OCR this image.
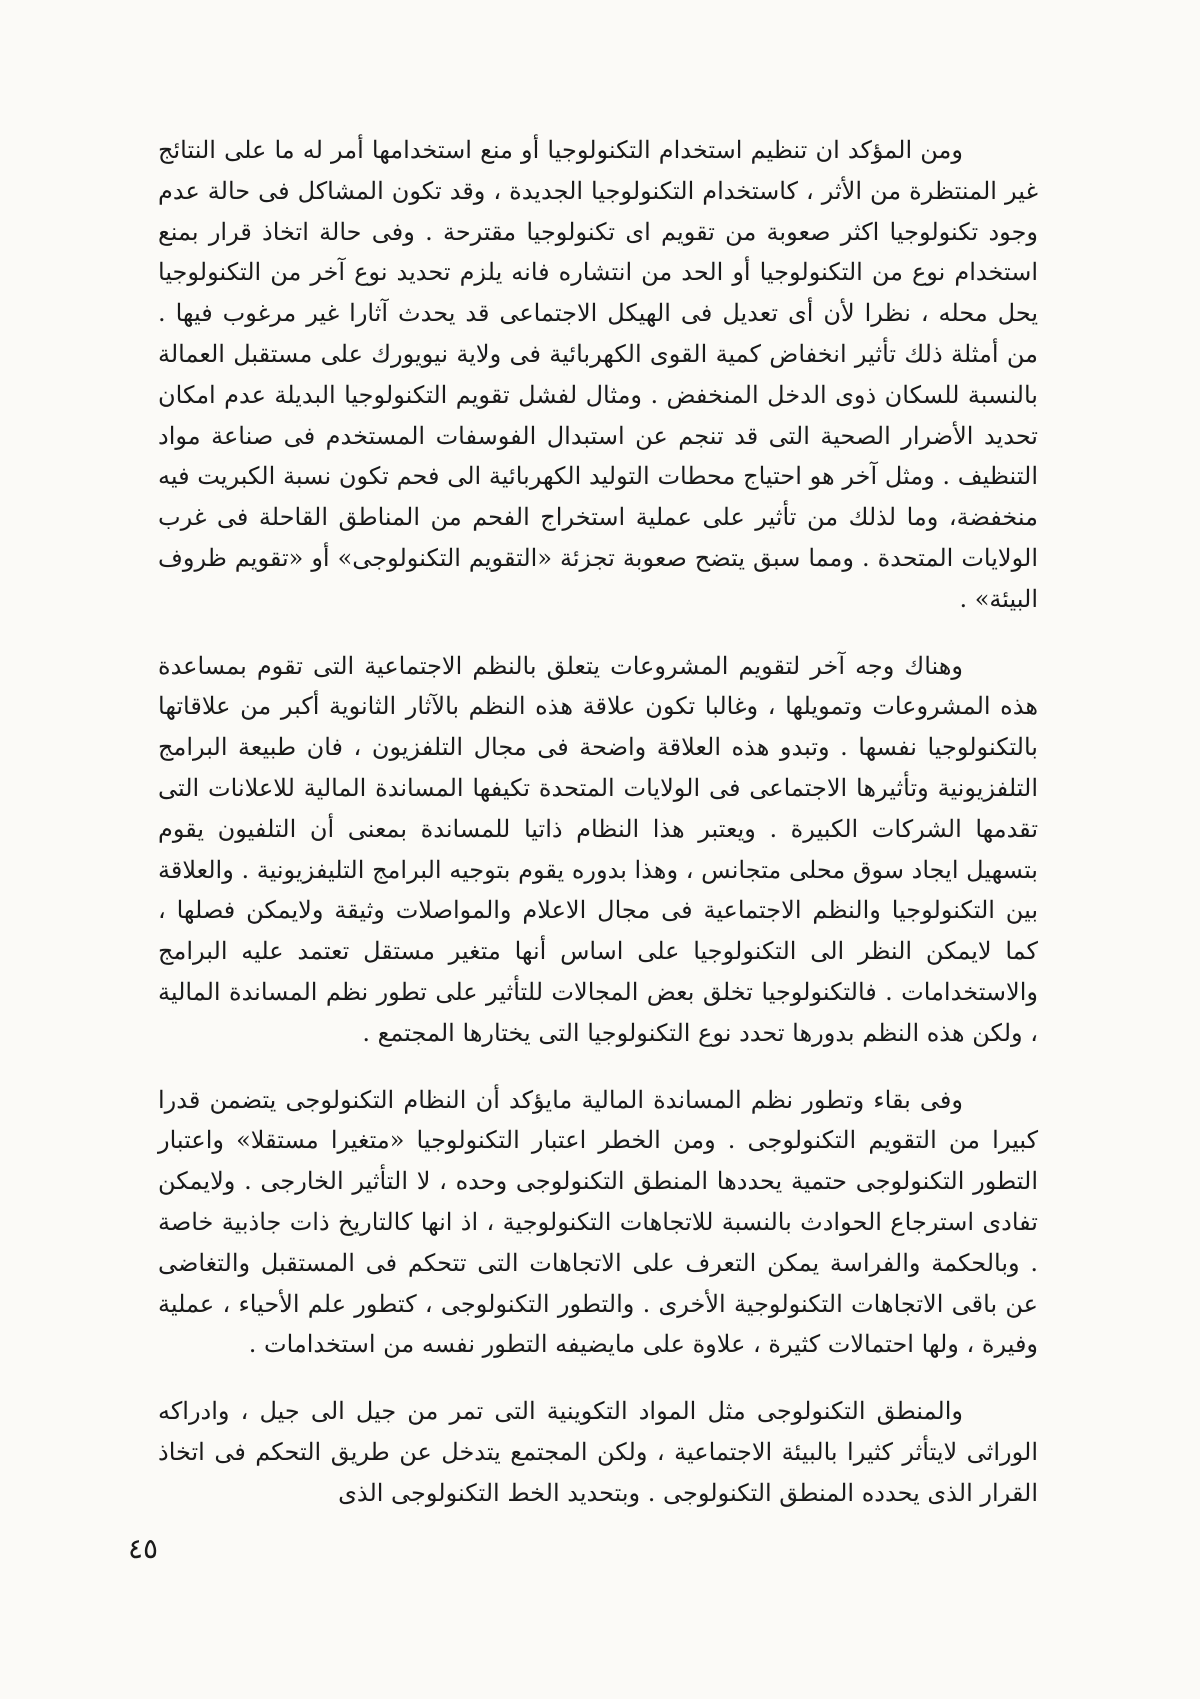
ومن المؤكد ان تنظيم استخدام التكنولوجيا أو منع استخدامها أمر له ما على النتائج غير المنتظرة من الأثر ، كاستخدام التكنولوجيا الجديدة ، وقد تكون المشاكل فى حالة عدم وجود تكنولوجيا اكثر صعوبة من تقويم اى تكنولوجيا مقترحة . وفى حالة اتخاذ قرار بمنع استخدام نوع من التكنولوجيا أو الحد من انتشاره فانه يلزم تحديد نوع آخر من التكنولوجيا يحل محله ، نظرا لأن أى تعديل فى الهيكل الاجتماعى قد يحدث آثارا غير مرغوب فيها . من أمثلة ذلك تأثير انخفاض كمية القوى الكهربائية فى ولاية نيويورك على مستقبل العمالة بالنسبة للسكان ذوى الدخل المنخفض . ومثال لفشل تقويم التكنولوجيا البديلة عدم امكان تحديد الأضرار الصحية التى قد تنجم عن استبدال الفوسفات المستخدم فى صناعة مواد التنظيف . ومثل آخر هو احتياج محطات التوليد الكهربائية الى فحم تكون نسبة الكبريت فيه منخفضة، وما لذلك من تأثير على عملية استخراج الفحم من المناطق القاحلة فى غرب الولايات المتحدة . ومما سبق يتضح صعوبة تجزئة «التقويم التكنولوجى» أو «تقويم ظروف البيئة» .

وهناك وجه آخر لتقويم المشروعات يتعلق بالنظم الاجتماعية التى تقوم بمساعدة هذه المشروعات وتمويلها ، وغالبا تكون علاقة هذه النظم بالآثار الثانوية أكبر من علاقاتها بالتكنولوجيا نفسها . وتبدو هذه العلاقة واضحة فى مجال التلفزيون ، فان طبيعة البرامج التلفزيونية وتأثيرها الاجتماعى فى الولايات المتحدة تكيفها المساندة المالية للاعلانات التى تقدمها الشركات الكبيرة . ويعتبر هذا النظام ذاتيا للمساندة بمعنى أن التلفيون يقوم بتسهيل ايجاد سوق محلى متجانس ، وهذا بدوره يقوم بتوجيه البرامج التليفزيونية . والعلاقة بين التكنولوجيا والنظم الاجتماعية فى مجال الاعلام والمواصلات وثيقة ولايمكن فصلها ، كما لايمكن النظر الى التكنولوجيا على اساس أنها متغير مستقل تعتمد عليه البرامج والاستخدامات . فالتكنولوجيا تخلق بعض المجالات للتأثير على تطور نظم المساندة المالية ، ولكن هذه النظم بدورها تحدد نوع التكنولوجيا التى يختارها المجتمع .

وفى بقاء وتطور نظم المساندة المالية مايؤكد أن النظام التكنولوجى يتضمن قدرا كبيرا من التقويم التكنولوجى . ومن الخطر اعتبار التكنولوجيا «متغيرا مستقلا» واعتبار التطور التكنولوجى حتمية يحددها المنطق التكنولوجى وحده ، لا التأثير الخارجى . ولايمكن تفادى استرجاع الحوادث بالنسبة للاتجاهات التكنولوجية ، اذ انها كالتاريخ ذات جاذبية خاصة . وبالحكمة والفراسة يمكن التعرف على الاتجاهات التى تتحكم فى المستقبل والتغاضى عن باقى الاتجاهات التكنولوجية الأخرى . والتطور التكنولوجى ، كتطور علم الأحياء ، عملية وفيرة ، ولها احتمالات كثيرة ، علاوة على مايضيفه التطور نفسه من استخدامات .

والمنطق التكنولوجى مثل المواد التكوينية التى تمر من جيل الى جيل ، وادراكه الوراثى لايتأثر كثيرا بالبيئة الاجتماعية ، ولكن المجتمع يتدخل عن طريق التحكم فى اتخاذ القرار الذى يحدده المنطق التكنولوجى . وبتحديد الخط التكنولوجى الذى

٤٥
